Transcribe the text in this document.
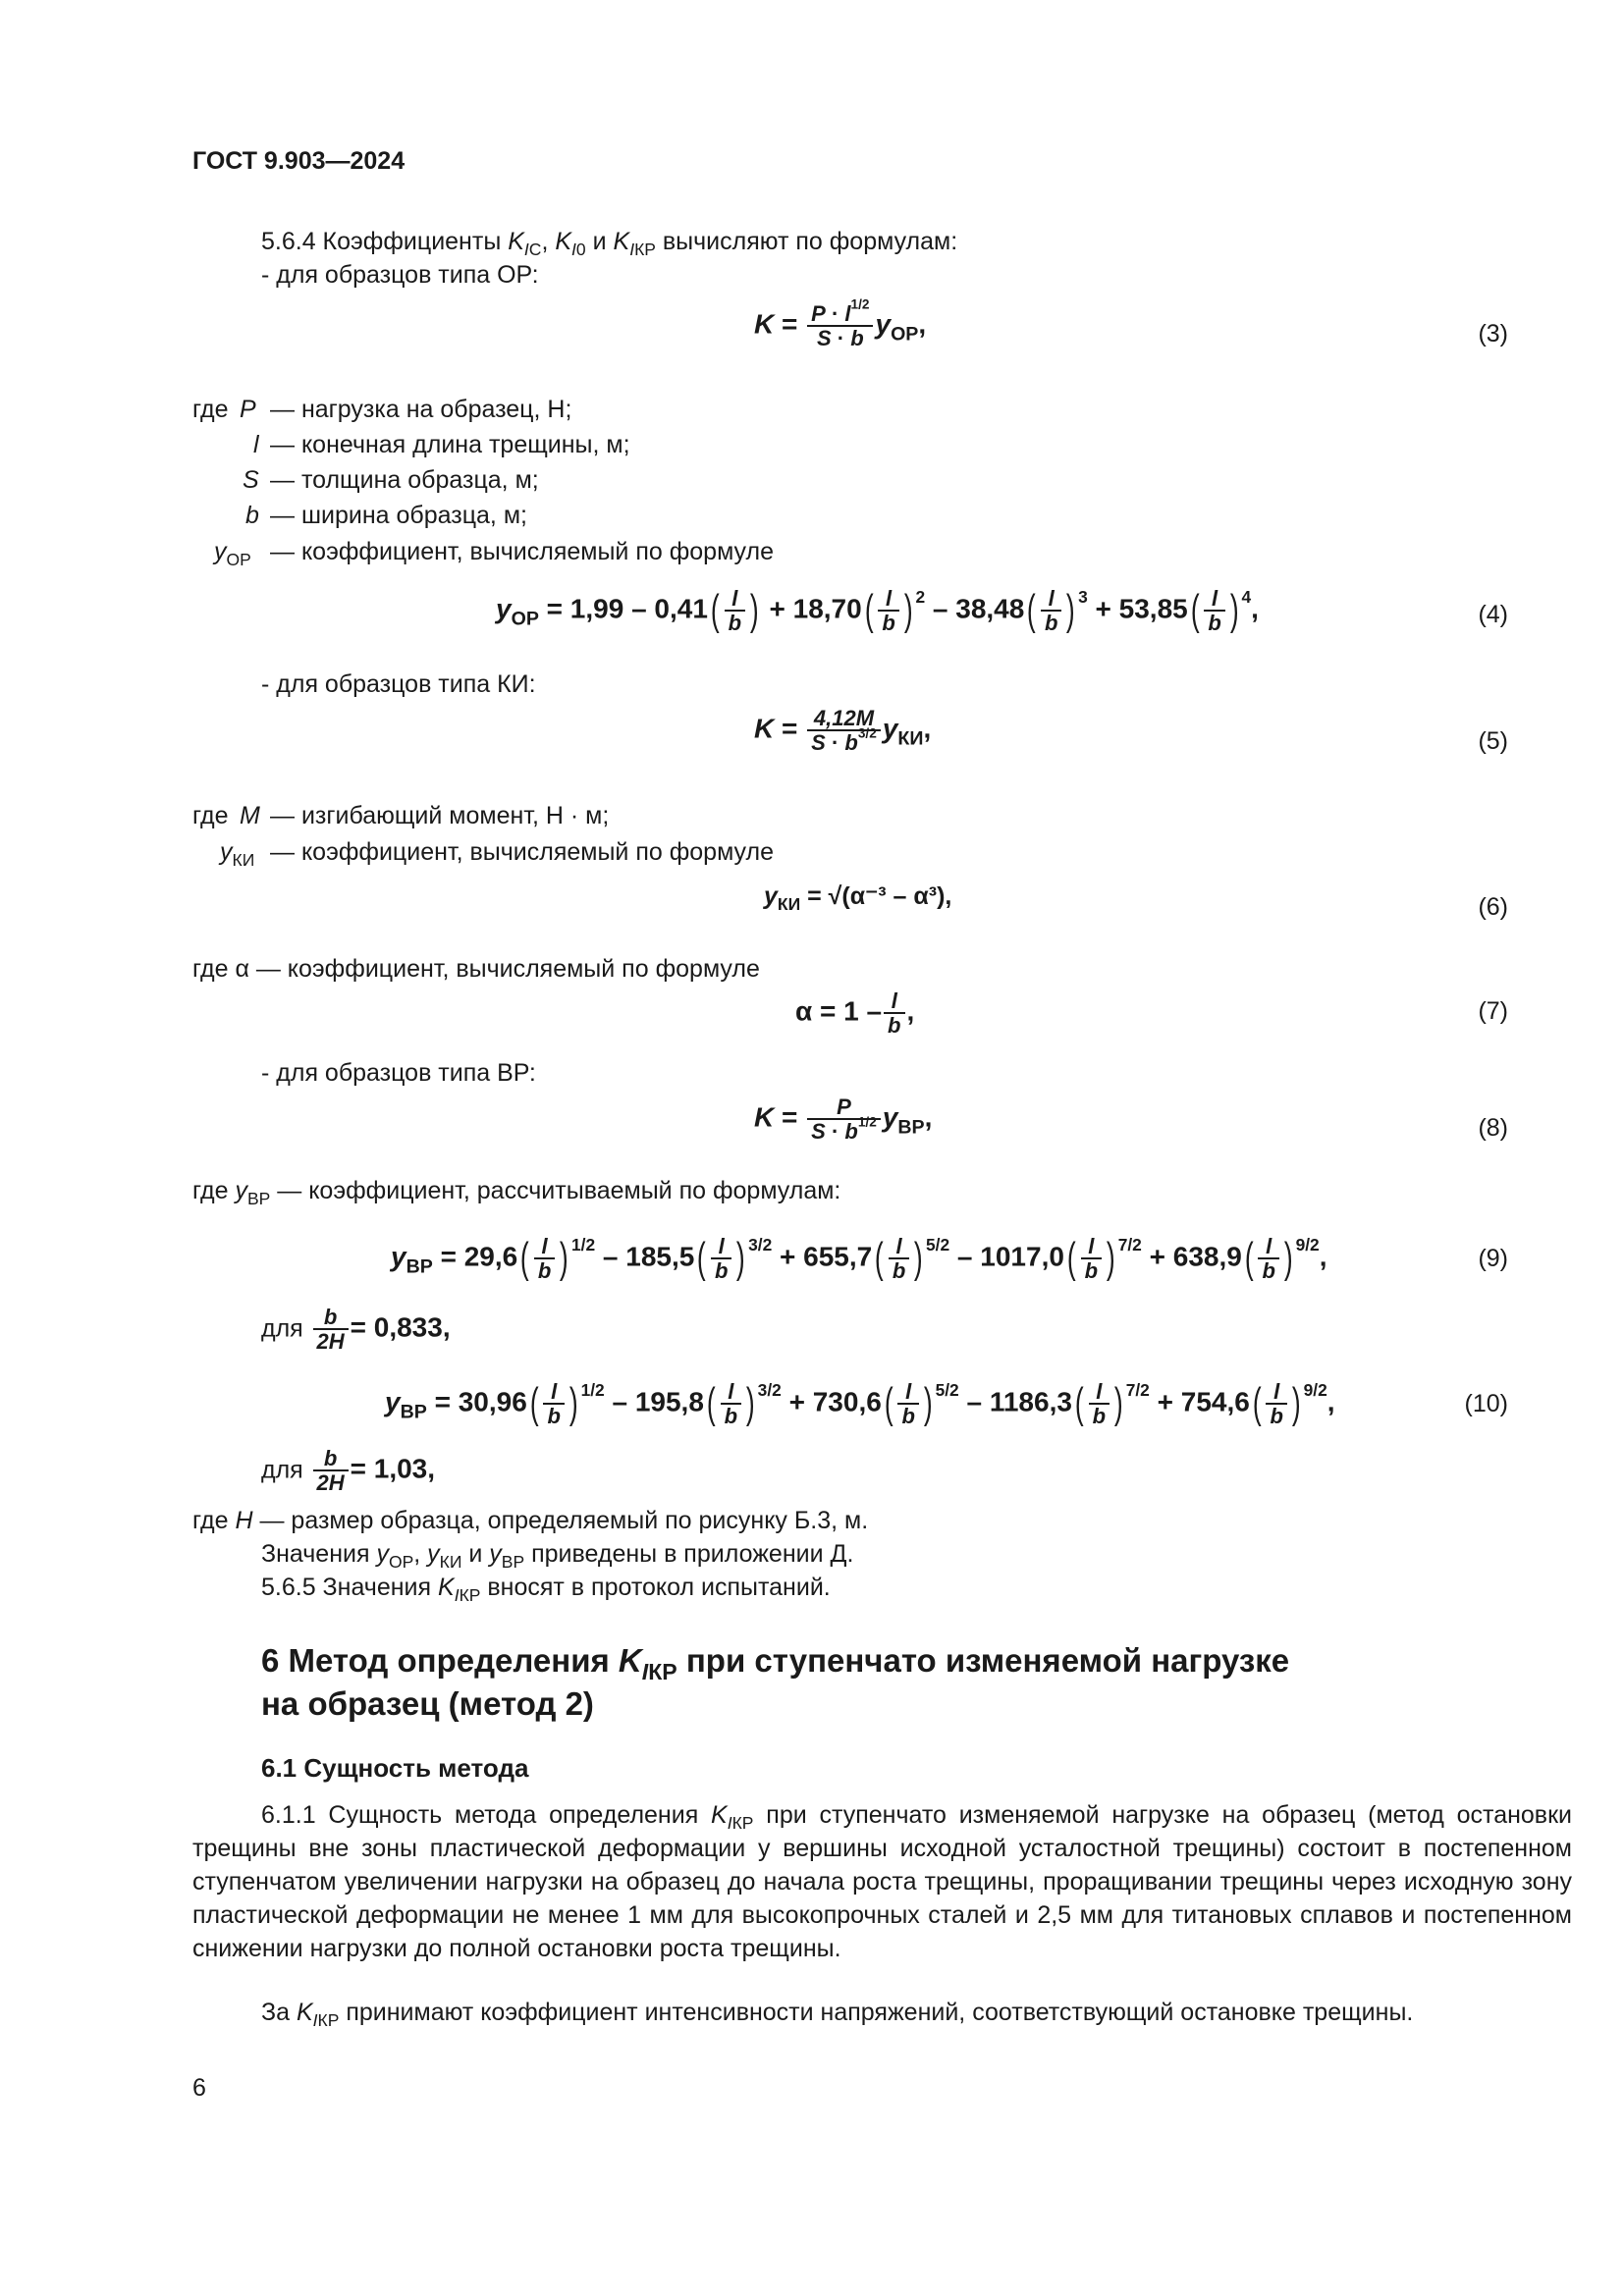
ГОСТ 9.903—2024
5.6.4 Коэффициенты $K_{IC}$, $K_{I0}$ и $K_{IКР}$ вычисляют по формулам:
- для образцов типа ОР:
$K = \frac{P \cdot l^{1/2}}{S \cdot b} y_{ОР}$,	(3)
где P — нагрузка на образец, Н;
l — конечная длина трещины, м;
S — толщина образца, м;
b — ширина образца, м;
$y_{ОР}$ — коэффициент, вычисляемый по формуле
$y_{ОР} = 1,99 - 0,41( \frac{l}{b}$ ) + $18,70( \frac{l}{b}$ ) $^2 - 38,48( \frac{l}{b}$ ) $^3 + 53,85( \frac{l}{b}$ ) $^4$,	(4)
- для образцов типа КИ:
$K = \frac{4,12M}{S \cdot b^{3/2}} y_{КИ}$,	(5)
где M — изгибающий момент, Н · м;
$y_{КИ}$ — коэффициент, вычисляемый по формуле
$y_{КИ} = √(\alpha^{-3} - \alpha^3)$,	(6)
где α — коэффициент, вычисляемый по формуле
$\alpha = 1 - \frac{l}{b}$ ,	(7)
- для образцов типа ВР:
$K = \frac{P}{S \cdot b^{1/2}} y_{ВР}$,	(8)
где $y_{ВР}$ — коэффициент, рассчитываемый по формулам:
$y_{ВР} = 29,6( \frac{l}{b}$ ) $^{1/2} - 185,5( \frac{l}{b}$ ) $^{3/2} + 655,7( \frac{l}{b}$ ) $^{5/2} - 1017,0( \frac{l}{b}$ ) $^{7/2} + 638,9( \frac{l}{b}$ ) $^{9/2}$,	(9)
для $\frac{b}{2H} = 0,833$,
$y_{ВР} = 30,96( \frac{l}{b}$ ) $^{1/2} - 195,8( \frac{l}{b}$ ) $^{3/2} + 730,6( \frac{l}{b}$ ) $^{5/2} - 1186,3( \frac{l}{b}$ ) $^{7/2} + 754,6( \frac{l}{b}$ ) $^{9/2}$,	(10)
для $\frac{b}{2H} = 1,03$,
где H — размер образца, определяемый по рисунку Б.3, м.
Значения $y_{ОР}$, $y_{КИ}$ и $y_{ВР}$ приведены в приложении Д.
5.6.5 Значения $K_{IКР}$ вносят в протокол испытаний.
6 Метод определения $K_{IКР}$ при ступенчато изменяемой нагрузке
на образец (метод 2)
6.1 Сущность метода
6.1.1 Сущность метода определения $K_{IКР}$ при ступенчато изменяемой нагрузке на образец (метод остановки трещины вне зоны пластической деформации у вершины исходной усталостной трещины) состоит в постепенном ступенчатом увеличении нагрузки на образец до начала роста трещины, проращивании трещины через исходную зону пластической деформации не менее 1 мм для высокопрочных сталей и 2,5 мм для титановых сплавов и постепенном снижении нагрузки до полной остановки роста трещины.
За $K_{IКР}$ принимают коэффициент интенсивности напряжений, соответствующий остановке трещины.
6
